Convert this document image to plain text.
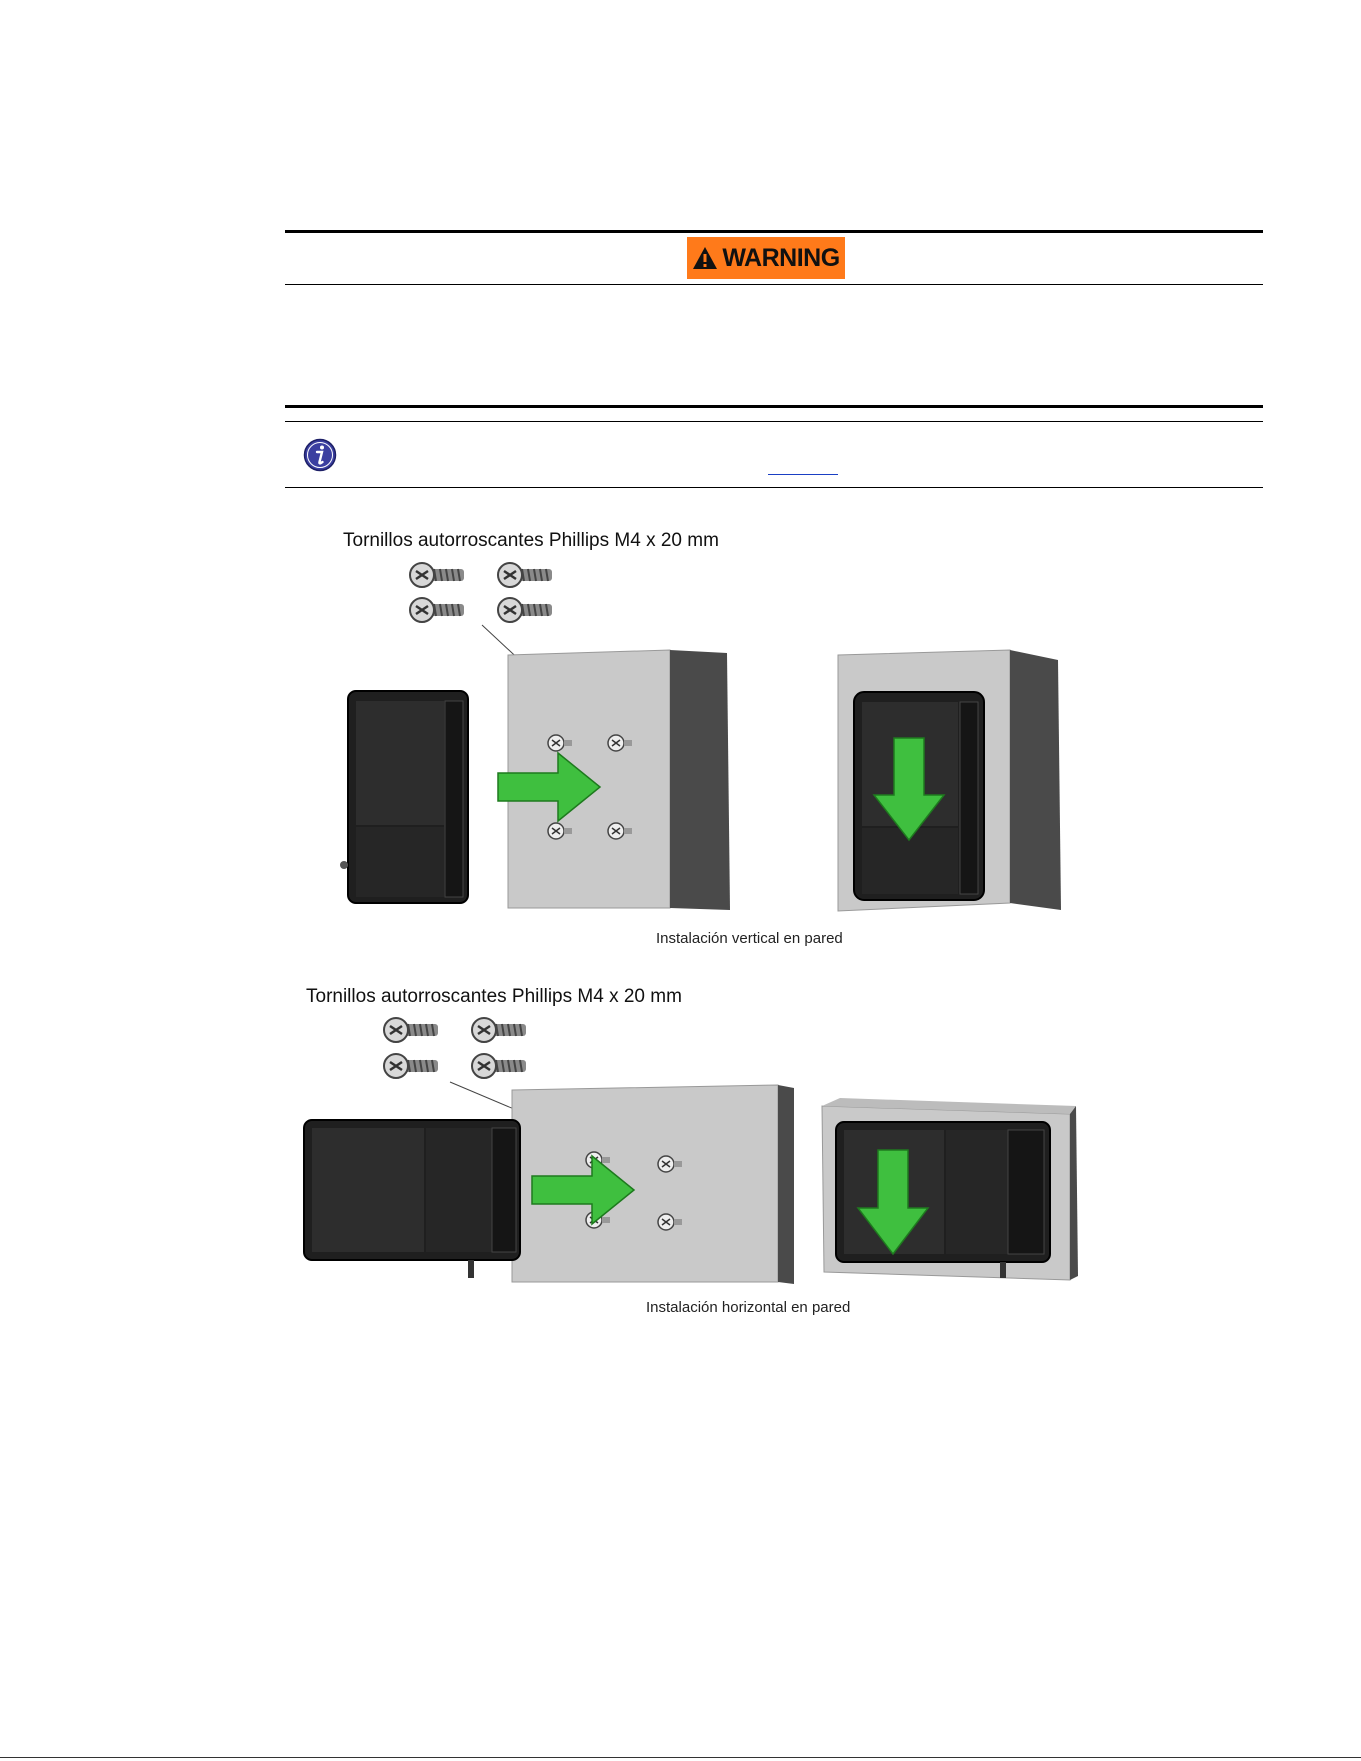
WARNING
Tornillos autorroscantes Phillips M4 x 20 mm
Instalación vertical en pared
Tornillos autorroscantes Phillips M4 x 20 mm
Instalación horizontal en pared
